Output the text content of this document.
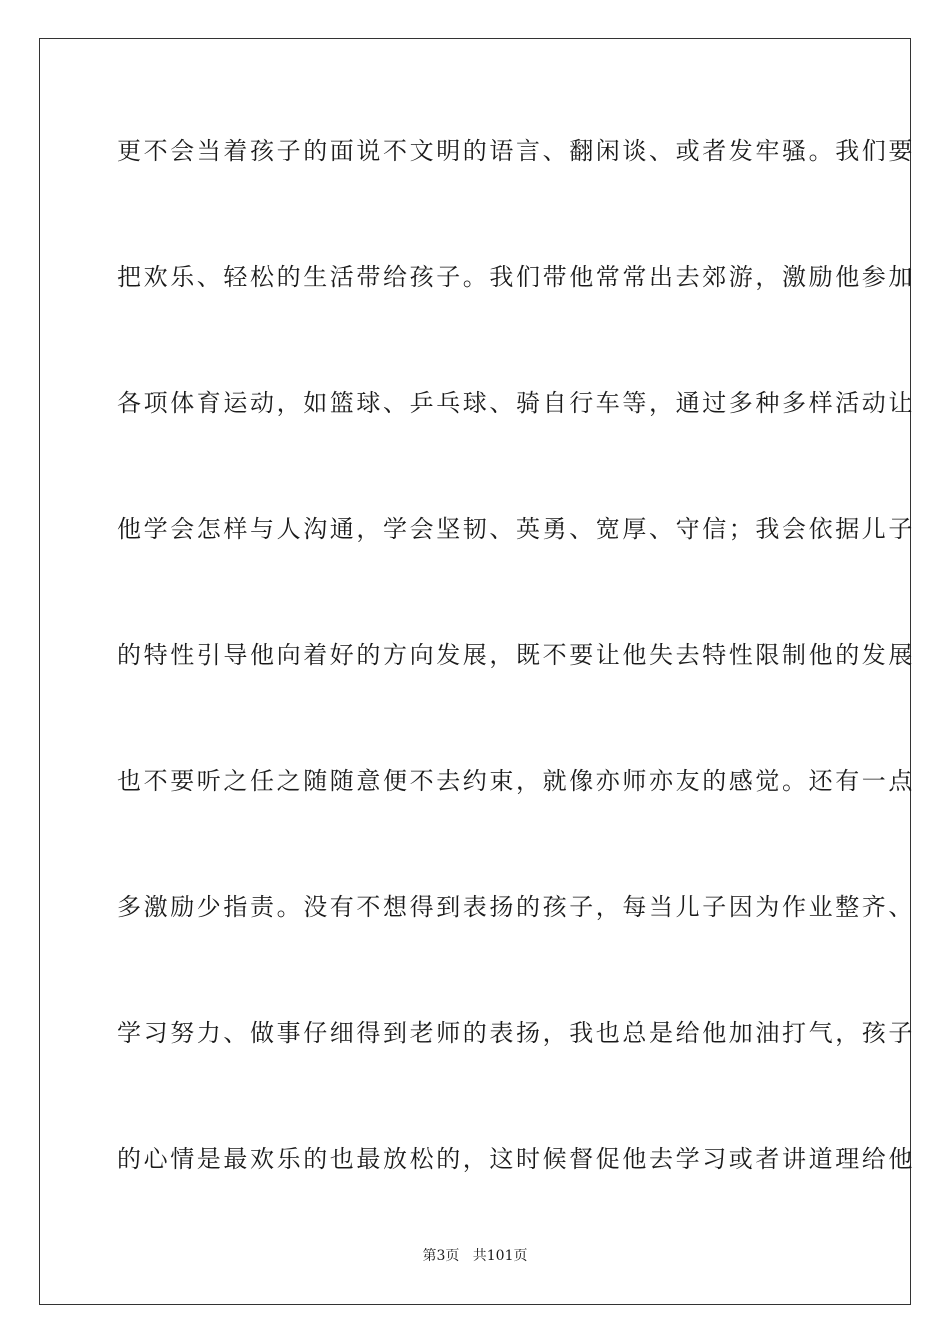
更不会当着孩子的面说不文明的语言、翻闲谈、或者发牢骚。我们要
把欢乐、轻松的生活带给孩子。我们带他常常出去郊游，激励他参加
各项体育运动，如篮球、乒乓球、骑自行车等，通过多种多样活动让
他学会怎样与人沟通，学会坚韧、英勇、宽厚、守信；我会依据儿子
的特性引导他向着好的方向发展，既不要让他失去特性限制他的发展
也不要听之任之随随意便不去约束，就像亦师亦友的感觉。还有一点
多激励少指责。没有不想得到表扬的孩子，每当儿子因为作业整齐、
学习努力、做事仔细得到老师的表扬，我也总是给他加油打气，孩子
的心情是最欢乐的也最放松的，这时候督促他去学习或者讲道理给他
第3页   共101页
